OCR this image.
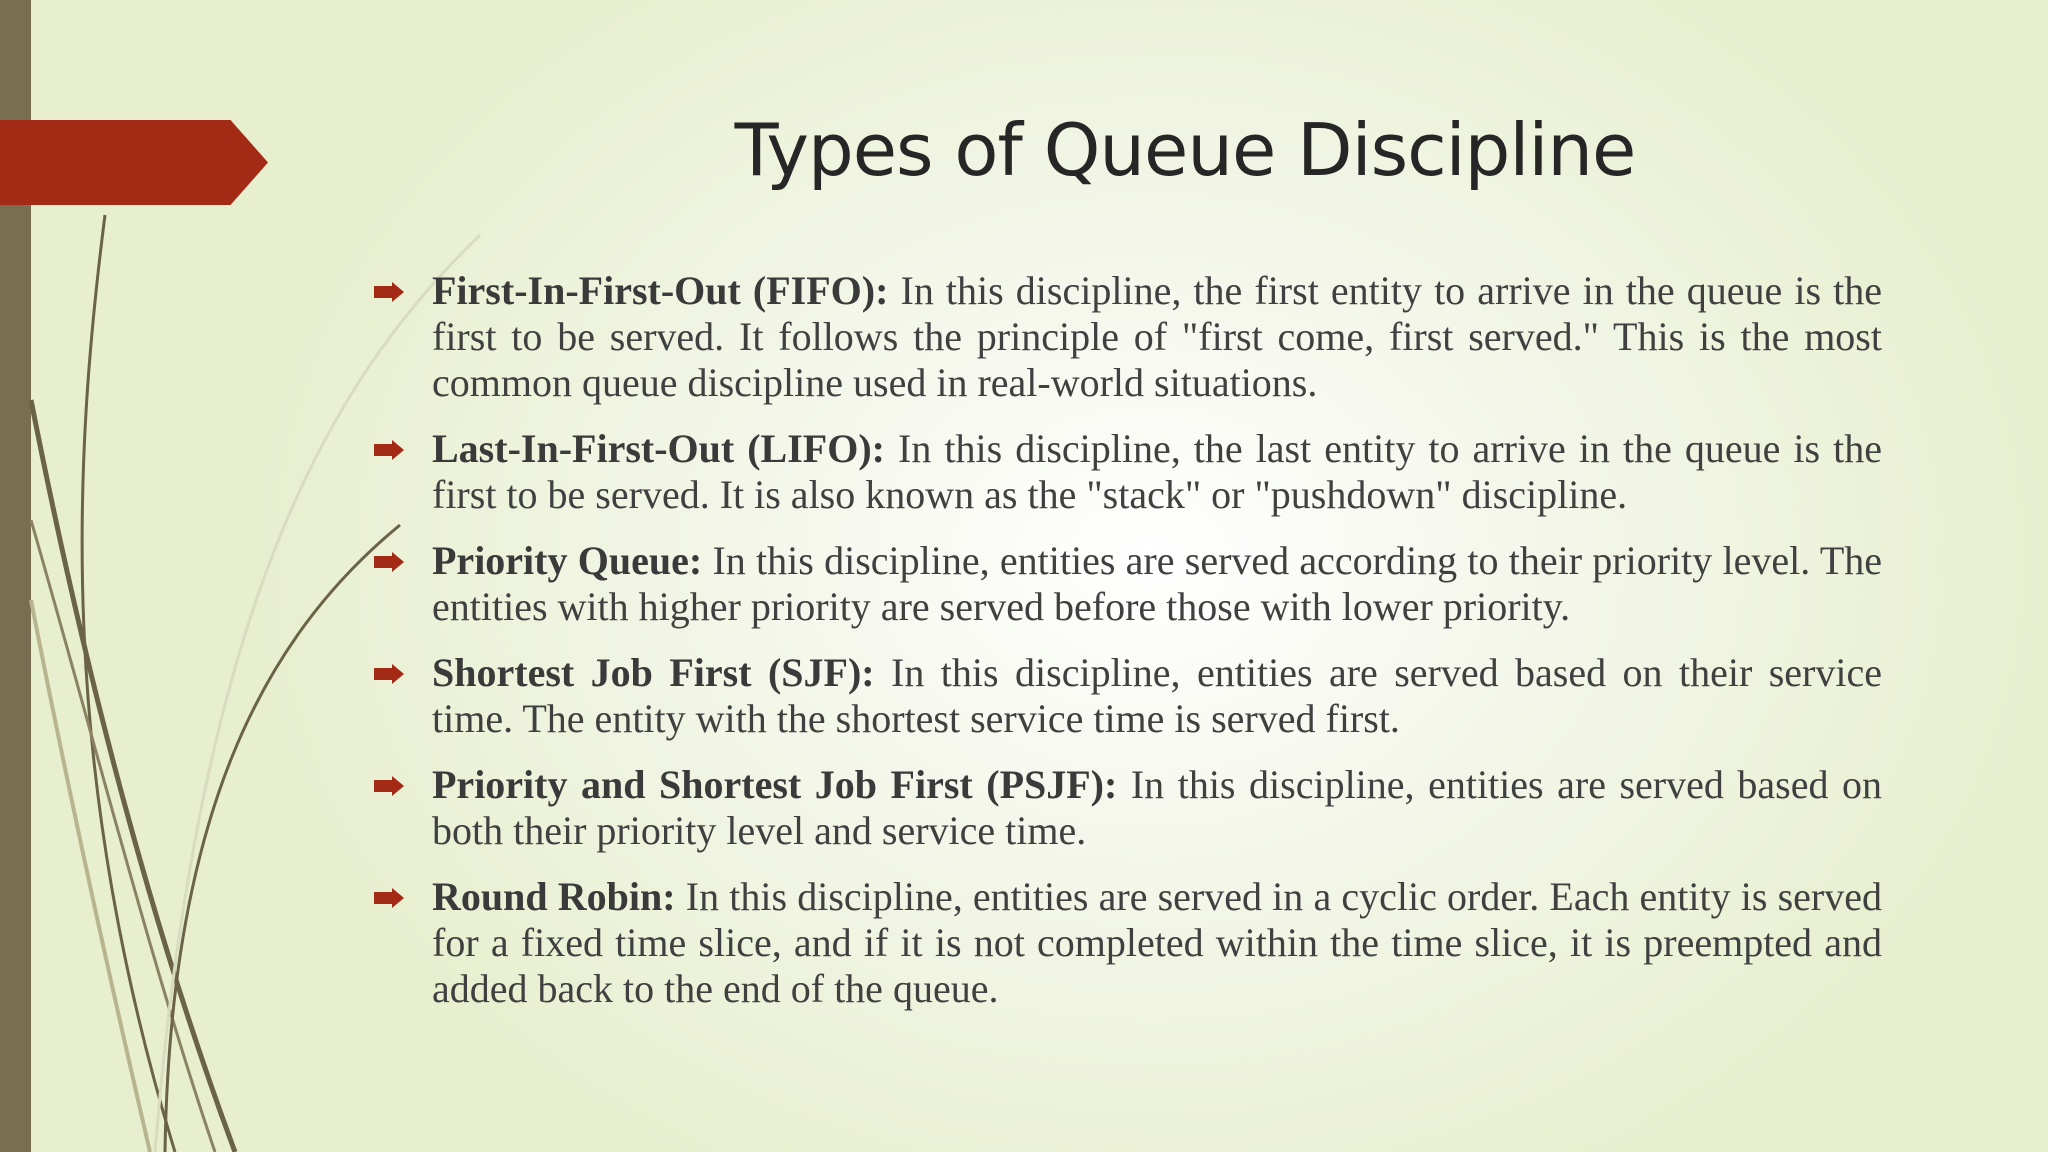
Types of Queue Discipline
First-In-First-Out (FIFO): In this discipline, the first entity to arrive in the queue is the first to be served. It follows the principle of "first come, first served." This is the most common queue discipline used in real-world situations.
Last-In-First-Out (LIFO): In this discipline, the last entity to arrive in the queue is the first to be served. It is also known as the "stack" or "pushdown" discipline.
Priority Queue: In this discipline, entities are served according to their priority level. The entities with higher priority are served before those with lower priority.
Shortest Job First (SJF): In this discipline, entities are served based on their service time. The entity with the shortest service time is served first.
Priority and Shortest Job First (PSJF): In this discipline, entities are served based on both their priority level and service time.
Round Robin: In this discipline, entities are served in a cyclic order. Each entity is served for a fixed time slice, and if it is not completed within the time slice, it is preempted and added back to the end of the queue.
